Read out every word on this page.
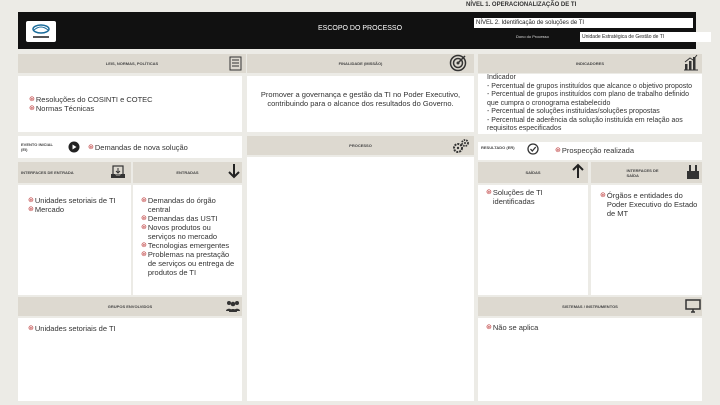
NÍVEL 1. OPERACIONALIZAÇÃO DE TI
ESCOPO DO PROCESSO
NÍVEL 2. Identificação de soluções de TI
Dono do Processo	Unidade Estratégica de Gestão de TI
LEIS, NORMAS, POLÍTICAS
⊛ Resoluções do COSINTI e COTEC
⊛ Normas Técnicas
FINALIDADE (MISSÃO)
Promover a governança e gestão da TI no Poder Executivo, contribuindo para o alcance dos resultados do Governo.
INDICADORES
Indicador
- Percentual de grupos instituídos que alcance o objetivo proposto
- Percentual de grupos instituídos com plano de trabalho definido que cumpra o cronograma estabelecido
- Percentual de soluções instituídas/soluções propostas
- Percentual de aderência da solução instituída em relação aos requisitos especificados
EVENTO INICIAL (EI)	⊛ Demandas de nova solução	PROCESSO	RESULTADO (ER)	⊛ Prospecção realizada
INTERFACES DE ENTRADA
⊛ Unidades setoriais de TI
⊛ Mercado
ENTRADAS
⊛ Demandas do órgão central
⊛ Demandas das USTI
⊛ Novos produtos ou serviços no mercado
⊛ Tecnologias emergentes
⊛ Problemas na prestação de serviços ou entrega de produtos de TI
SAÍDAS
⊛ Soluções de TI identificadas
INTERFACES DE SAÍDA
⊛ Órgãos e entidades do Poder Executivo do Estado de MT
GRUPOS ENVOLVIDOS
⊛ Unidades setoriais de TI
SISTEMAS / INSTRUMENTOS
⊛ Não se aplica
